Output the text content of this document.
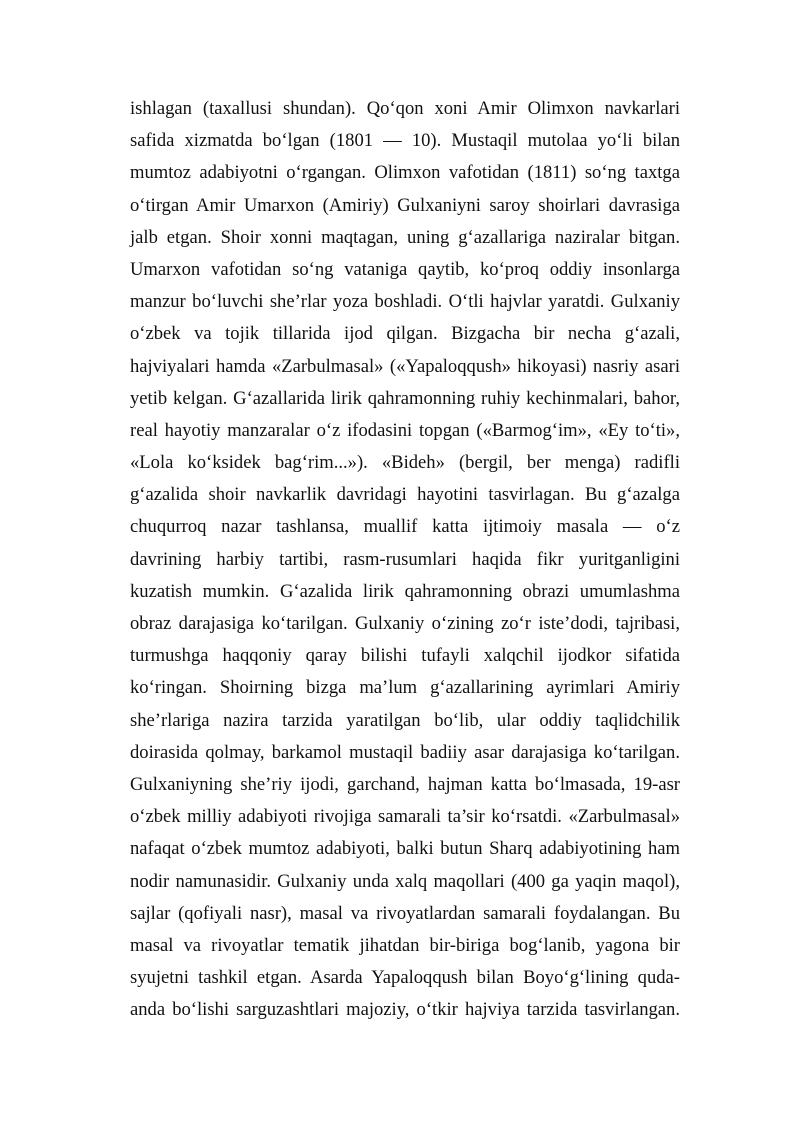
ishlagan (taxallusi shundan). Qo‘qon xoni Amir Olimxon navkarlari
safida xizmatda bo‘lgan (1801 — 10). Mustaqil mutolaa yo‘li bilan
mumtoz adabiyotni o‘rgangan. Olimxon vafotidan (1811) so‘ng taxtga
o‘tirgan Amir Umarxon (Amiriy) Gulxaniyni saroy shoirlari davrasiga
jalb etgan. Shoir xonni maqtagan, uning g‘azallariga naziralar bitgan.
Umarxon vafotidan so‘ng vataniga qaytib, ko‘proq oddiy insonlarga
manzur bo‘luvchi she’rlar yoza boshladi. O‘tli hajvlar yaratdi. Gulxaniy
o‘zbek va tojik tillarida ijod qilgan. Bizgacha bir necha g‘azali,
hajviyalari hamda «Zarbulmasal» («Yapaloqqush» hikoyasi) nasriy asari
yetib kelgan. G‘azallarida lirik qahramonning ruhiy kechinmalari, bahor,
real hayotiy manzaralar o‘z ifodasini topgan («Barmog‘im», «Ey to‘ti»,
«Lola ko‘ksidek bag‘rim...»). «Bideh» (bergil, ber menga) radifli
g‘azalida shoir navkarlik davridagi hayotini tasvirlagan. Bu g‘azalga
chuqurroq nazar tashlansa, muallif katta ijtimoiy masala — o‘z
davrining harbiy tartibi, rasm-rusumlari haqida fikr yuritganligini
kuzatish mumkin. G‘azalida lirik qahramonning obrazi umumlashma
obraz darajasiga ko‘tarilgan. Gulxaniy o‘zining zo‘r iste’dodi, tajribasi,
turmushga haqqoniy qaray bilishi tufayli xalqchil ijodkor sifatida
ko‘ringan. Shoirning bizga ma’lum g‘azallarining ayrimlari Amiriy
she’rlariga nazira tarzida yaratilgan bo‘lib, ular oddiy taqlidchilik
doirasida qolmay, barkamol mustaqil badiiy asar darajasiga ko‘tarilgan.
Gulxaniyning she’riy ijodi, garchand, hajman katta bo‘lmasada, 19-asr
o‘zbek milliy adabiyoti rivojiga samarali ta’sir ko‘rsatdi. «Zarbulmasal»
nafaqat o‘zbek mumtoz adabiyoti, balki butun Sharq adabiyotining ham
nodir namunasidir. Gulxaniy unda xalq maqollari (400 ga yaqin maqol),
sajlar (qofiyali nasr), masal va rivoyatlardan samarali foydalangan. Bu
masal va rivoyatlar tematik jihatdan bir-biriga bog‘lanib, yagona bir
syujetni tashkil etgan. Asarda Yapaloqqush bilan Boyo‘g‘lining quda-
anda bo‘lishi sarguzashtlari majoziy, o‘tkir hajviya tarzida tasvirlangan.
